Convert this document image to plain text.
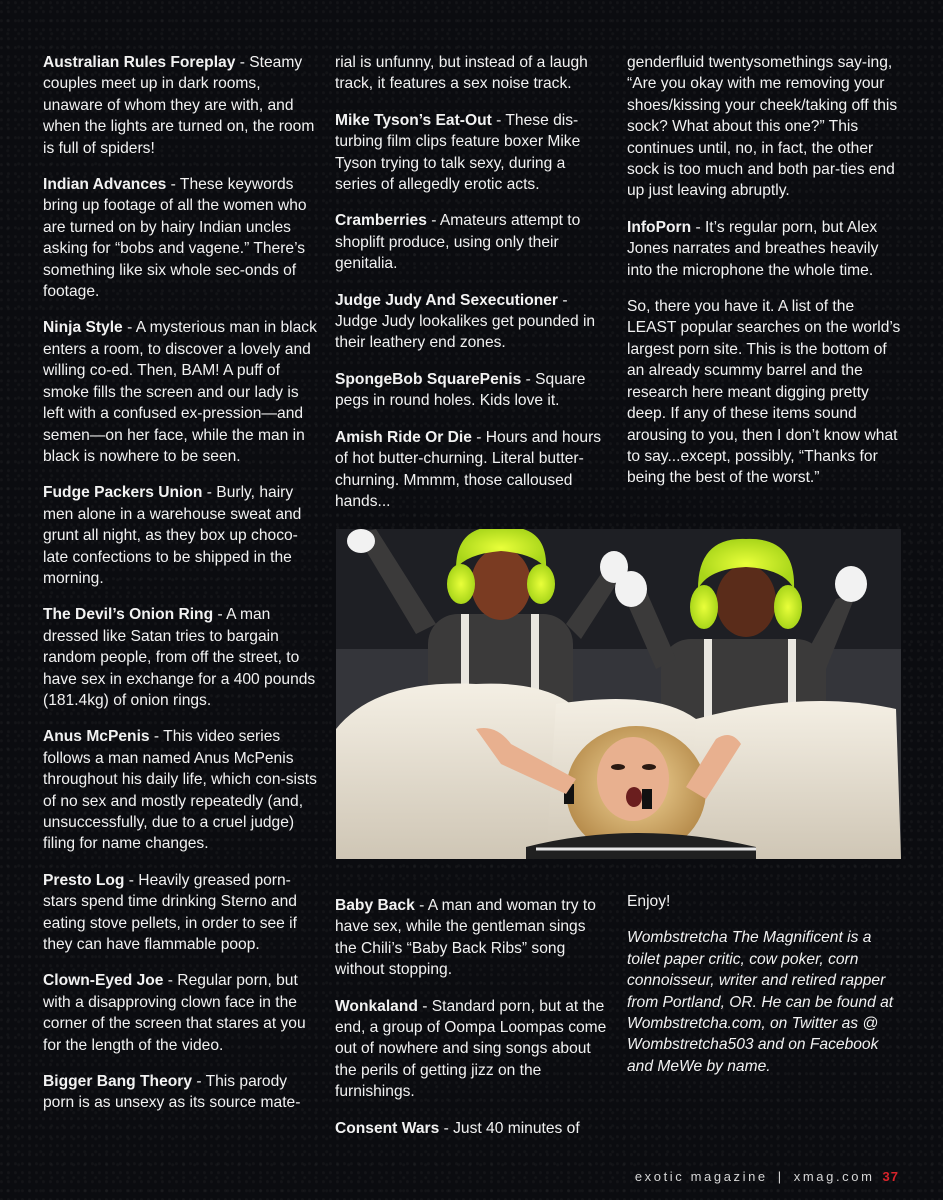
Australian Rules Foreplay - Steamy couples meet up in dark rooms, unaware of whom they are with, and when the lights are turned on, the room is full of spiders!

Indian Advances - These keywords bring up footage of all the women who are turned on by hairy Indian uncles asking for “bobs and vagene.” There’s something like six whole sec-onds of footage.

Ninja Style - A mysterious man in black enters a room, to discover a lovely and willing co-ed. Then, BAM! A puff of smoke fills the screen and our lady is left with a confused ex-pression—and semen—on her face, while the man in black is nowhere to be seen.

Fudge Packers Union - Burly, hairy men alone in a warehouse sweat and grunt all night, as they box up choco-late confections to be shipped in the morning.

The Devil’s Onion Ring - A man dressed like Satan tries to bargain random people, from off the street, to have sex in exchange for a 400 pounds (181.4kg) of onion rings.

Anus McPenis - This video series follows a man named Anus McPenis throughout his daily life, which con-sists of no sex and mostly repeatedly (and, unsuccessfully, due to a cruel judge) filing for name changes.

Presto Log - Heavily greased porn-stars spend time drinking Sterno and eating stove pellets, in order to see if they can have flammable poop.

Clown-Eyed Joe - Regular porn, but with a disapproving clown face in the corner of the screen that stares at you for the length of the video.

Bigger Bang Theory - This parody porn is as unsexy as its source mate-

rial is unfunny, but instead of a laugh track, it features a sex noise track.

Mike Tyson’s Eat-Out - These dis-turbing film clips feature boxer Mike Tyson trying to talk sexy, during a series of allegedly erotic acts.

Cramberries - Amateurs attempt to shoplift produce, using only their genitalia.

Judge Judy And Sexecutioner - Judge Judy lookalikes get pounded in their leathery end zones.

SpongeBob SquarePenis - Square pegs in round holes. Kids love it.

Amish Ride Or Die - Hours and hours of hot butter-churning. Literal butter-churning. Mmmm, those calloused hands...

genderfluid twentysomethings say-ing, “Are you okay with me removing your shoes/kissing your cheek/taking off this sock? What about this one?” This continues until, no, in fact, the other sock is too much and both par-ties end up just leaving abruptly.

InfoPorn - It’s regular porn, but Alex Jones narrates and breathes heavily into the microphone the whole time.

So, there you have it. A list of the LEAST popular searches on the world’s largest porn site. This is the bottom of an already scummy barrel and the research here meant digging pretty deep. If any of these items sound arousing to you, then I don’t know what to say...except, possibly, “Thanks for being the best of the worst.”

Baby Back - A man and woman try to have sex, while the gentleman sings the Chili’s “Baby Back Ribs” song without stopping.

Wonkaland - Standard porn, but at the end, a group of Oompa Loompas come out of nowhere and sing songs about the perils of getting jizz on the furnishings.

Consent Wars - Just 40 minutes of

Enjoy!

Wombstretcha The Magnificent is a toilet paper critic, cow poker, corn connoisseur, writer and retired rapper from Portland, OR. He can be found at Wombstretcha.com, on Twitter as @ Wombstretcha503 and on Facebook and MeWe by name.

exotic magazine | xmag.com 37
